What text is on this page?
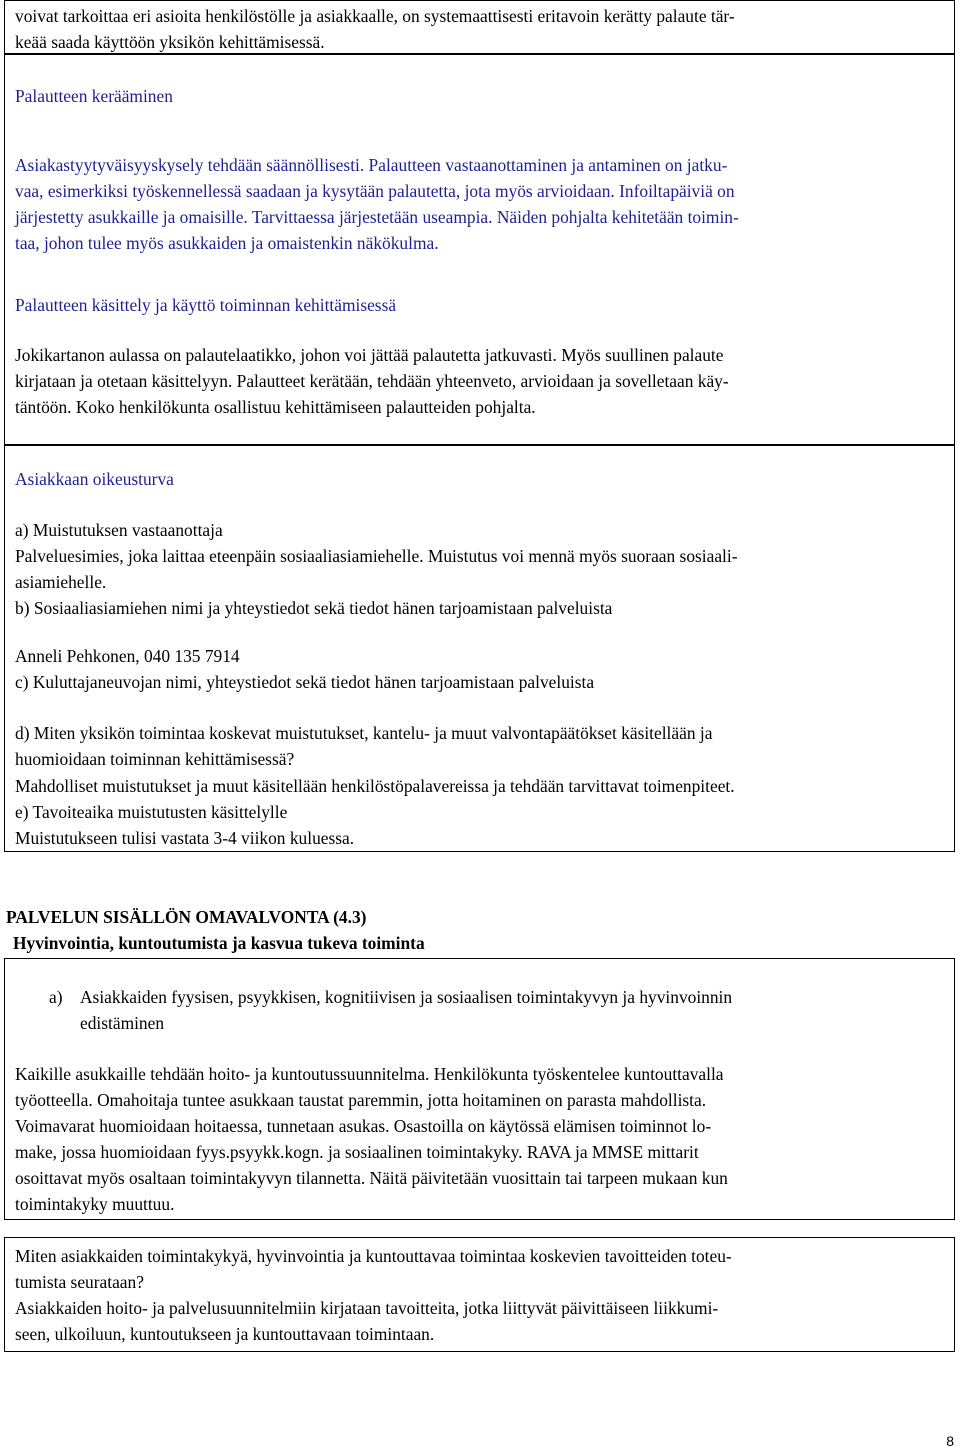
voivat tarkoittaa eri asioita henkilöstölle ja asiakkaalle, on systemaattisesti eritavoin kerätty palaute tär-
keää saada käyttöön yksikön kehittämisessä.
Palautteen kerääminen
Asiakastyytyväisyyskysely tehdään säännöllisesti. Palautteen vastaanottaminen ja antaminen on jatku-
vaa, esimerkiksi työskennellessä saadaan ja kysytään palautetta, jota myös arvioidaan. Infoiltapäiviä on
järjestetty asukkaille ja omaisille. Tarvittaessa järjestetään useampia. Näiden pohjalta kehitetään toimin-
taa, johon tulee myös asukkaiden ja omaistenkin näkökulma.
Palautteen käsittely ja käyttö toiminnan kehittämisessä
Jokikartanon aulassa on palautelaatikko, johon voi jättää palautetta jatkuvasti. Myös suullinen palaute
kirjataan ja otetaan käsittelyyn. Palautteet kerätään, tehdään yhteenveto, arvioidaan ja sovelletaan käy-
täntöön. Koko henkilökunta osallistuu kehittämiseen palautteiden pohjalta.
Asiakkaan oikeusturva
a) Muistutuksen vastaanottaja
Palveluesimies, joka laittaa eteenpäin sosiaaliasiamiehelle. Muistutus voi mennä myös suoraan sosiaali-
asiamiehelle.
b) Sosiaaliasiamiehen nimi ja yhteystiedot sekä tiedot hänen tarjoamistaan palveluista
Anneli Pehkonen, 040 135 7914
c) Kuluttajaneuvojan nimi, yhteystiedot sekä tiedot hänen tarjoamistaan palveluista
d) Miten yksikön toimintaa koskevat muistutukset, kantelu- ja muut valvontapäätökset käsitellään ja
huomioidaan toiminnan kehittämisessä?
Mahdolliset muistutukset ja muut käsitellään henkilöstöpalavereissa ja tehdään tarvittavat toimenpiteet.
e) Tavoiteaika muistutusten käsittelylle
Muistutukseen tulisi vastata 3-4 viikon kuluessa.
PALVELUN SISÄLLÖN OMAVALVONTA (4.3)
Hyvinvointia, kuntoutumista ja kasvua tukeva toiminta
a) Asiakkaiden fyysisen, psyykkisen, kognitiivisen ja sosiaalisen toimintakyvyn ja hyvinvoinnin
edistäminen
Kaikille asukkaille tehdään hoito- ja kuntoutussuunnitelma. Henkilökunta työskentelee kuntouttavalla
työotteella. Omahoitaja tuntee asukkaan taustat paremmin, jotta hoitaminen on parasta mahdollista.
Voimavarat huomioidaan hoitaessa, tunnetaan asukas. Osastoilla on käytössä elämisen toiminnot lo-
make, jossa huomioidaan fyys.psyykk.kogn. ja sosiaalinen toimintakyky. RAVA ja MMSE mittarit
osoittavat myös osaltaan toimintakyvyn tilannetta. Näitä päivitetään vuosittain tai tarpeen mukaan kun
toimintakyky muuttuu.
Miten asiakkaiden toimintakykyä, hyvinvointia ja kuntouttavaa toimintaa koskevien tavoitteiden toteu-
tumista seurataan?
Asiakkaiden hoito- ja palvelusuunnitelmiin kirjataan tavoitteita, jotka liittyvät päivittäiseen liikkumi-
seen, ulkoiluun, kuntoutukseen ja kuntouttavaan toimintaan.
8
